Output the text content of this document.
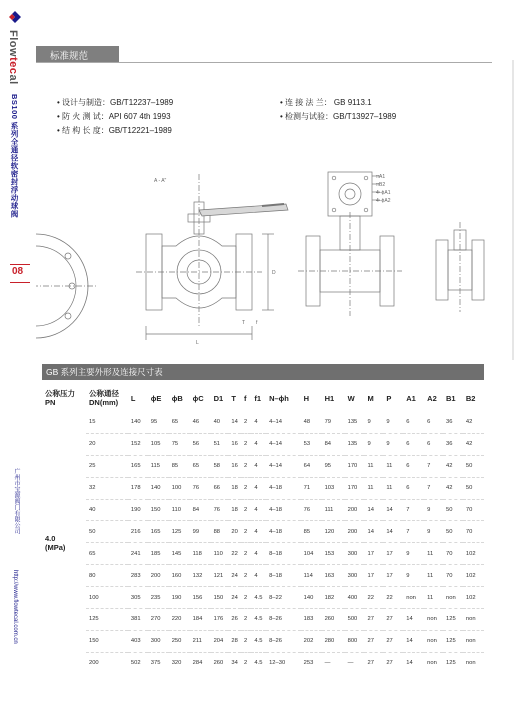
Flowtecal
BS100 系列全通径软密封浮动球阀
08
广州市宝源阀门有限公司
http://www.flowtecal.com.cn
标准规范
• 设计与制造：GB/T12237–1989
• 防 火 测 试：API 607 4th 1993
• 结 构 长 度：GB/T12221–1989
• 连 接 法 兰： GB 9113.1
• 检测与试验：GB/T13927–1989
A - A"
□A1
□B2
4–ϕA1
4–ϕA2
L
D
f
T
GB 系列主要外形及连接尺寸表
公称压力
PN	公称通径
DN(mm)	L	ϕE	ϕB	ϕC	D1	T	f	f1	N–ϕh	H	H1	W	M	P	A1	A2	B1	B2
4.0
(MPa)	15	140	95	65	46	40	14	2	4	4–14	48	79	135	9	9	6	6	36	42
	20	152	105	75	56	51	16	2	4	4–14	53	84	135	9	9	6	6	36	42
	25	165	115	85	65	58	16	2	4	4–14	64	95	170	11	11	6	7	42	50
	32	178	140	100	76	66	18	2	4	4–18	71	103	170	11	11	6	7	42	50
	40	190	150	110	84	76	18	2	4	4–18	76	111	200	14	14	7	9	50	70
	50	216	165	125	99	88	20	2	4	4–18	85	120	200	14	14	7	9	50	70
	65	241	185	145	118	110	22	2	4	8–18	104	153	300	17	17	9	11	70	102
	80	283	200	160	132	121	24	2	4	8–18	114	163	300	17	17	9	11	70	102
	100	305	235	190	156	150	24	2	4.5	8–22	140	182	400	22	22	non	11	non	102
	125	381	270	220	184	176	26	2	4.5	8–26	183	260	500	27	27	14	non	125	non
	150	403	300	250	211	204	28	2	4.5	8–26	202	280	800	27	27	14	non	125	non
	200	502	375	320	284	260	34	2	4.5	12–30	253	—	—	27	27	14	non	125	non
